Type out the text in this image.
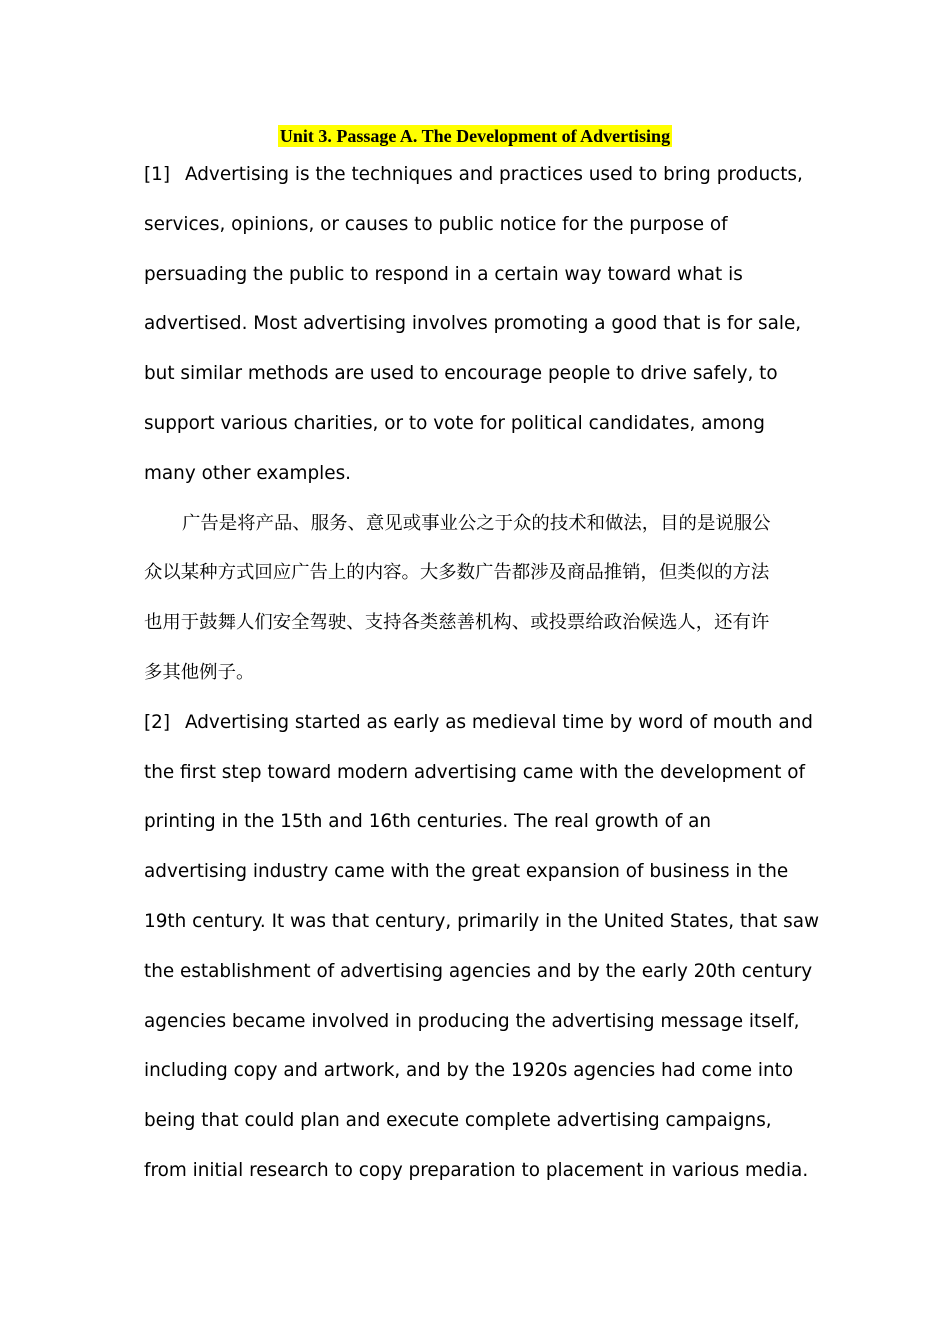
Unit 3. Passage A. The Development of Advertising
[1] Advertising is the techniques and practices used to bring products,
services, opinions, or causes to public notice for the purpose of
persuading the public to respond in a certain way toward what is
advertised. Most advertising involves promoting a good that is for sale,
but similar methods are used to encourage people to drive safely, to
support various charities, or to vote for political candidates, among
many other examples.
广告是将产品、服务、意见或事业公之于众的技术和做法，目的是说服公
众以某种方式回应广告上的内容。大多数广告都涉及商品推销，但类似的方法
也用于鼓舞人们安全驾驶、支持各类慈善机构、或投票给政治候选人，还有许
多其他例子。
[2] Advertising started as early as medieval time by word of mouth and
the first step toward modern advertising came with the development of
printing in the 15th and 16th centuries. The real growth of an
advertising industry came with the great expansion of business in the
19th century. It was that century, primarily in the United States, that saw
the establishment of advertising agencies and by the early 20th century
agencies became involved in producing the advertising message itself,
including copy and artwork, and by the 1920s agencies had come into
being that could plan and execute complete advertising campaigns,
from initial research to copy preparation to placement in various media.
